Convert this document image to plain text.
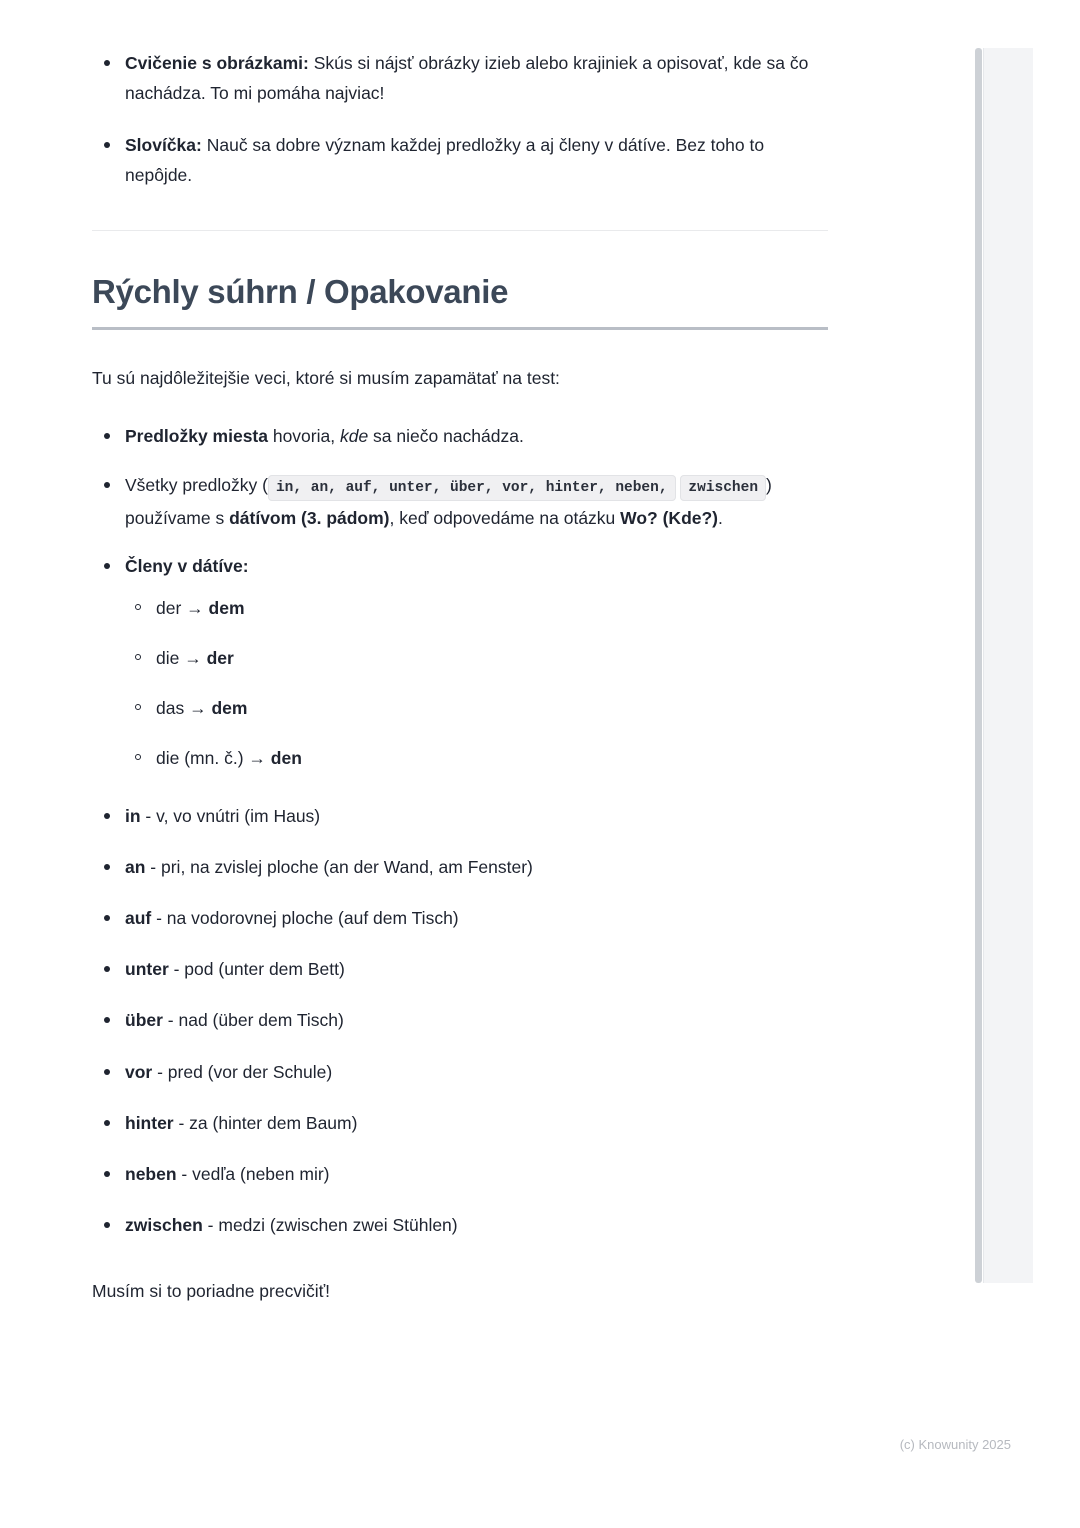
Cvičenie s obrázkami: Skús si nájsť obrázky izieb alebo krajiniek a opisovať, kde sa čo nachádza. To mi pomáha najviac!
Slovíčka: Nauč sa dobre význam každej predložky a aj členy v dátíve. Bez toho to nepôjde.
Rýchly súhrn / Opakovanie

Tu sú najdôležitejšie veci, ktoré si musím zapamätať na test:

Predložky miesta hovoria, kde sa niečo nachádza.
Všetky predložky ( in, an, auf, unter, über, vor, hinter, neben, zwischen ) používame s dátívom (3. pádom), keď odpovedáme na otázku Wo? (Kde?).
Členy v dátíve:
der → dem
die → der
das → dem
die (mn. č.) → den
in - v, vo vnútri (im Haus)
an - pri, na zvislej ploche (an der Wand, am Fenster)
auf - na vodorovnej ploche (auf dem Tisch)
unter - pod (unter dem Bett)
über - nad (über dem Tisch)
vor - pred (vor der Schule)
hinter - za (hinter dem Baum)
neben - vedľa (neben mir)
zwischen - medzi (zwischen zwei Stühlen)

Musím si to poriadne precvičiť!

(c) Knowunity 2025
